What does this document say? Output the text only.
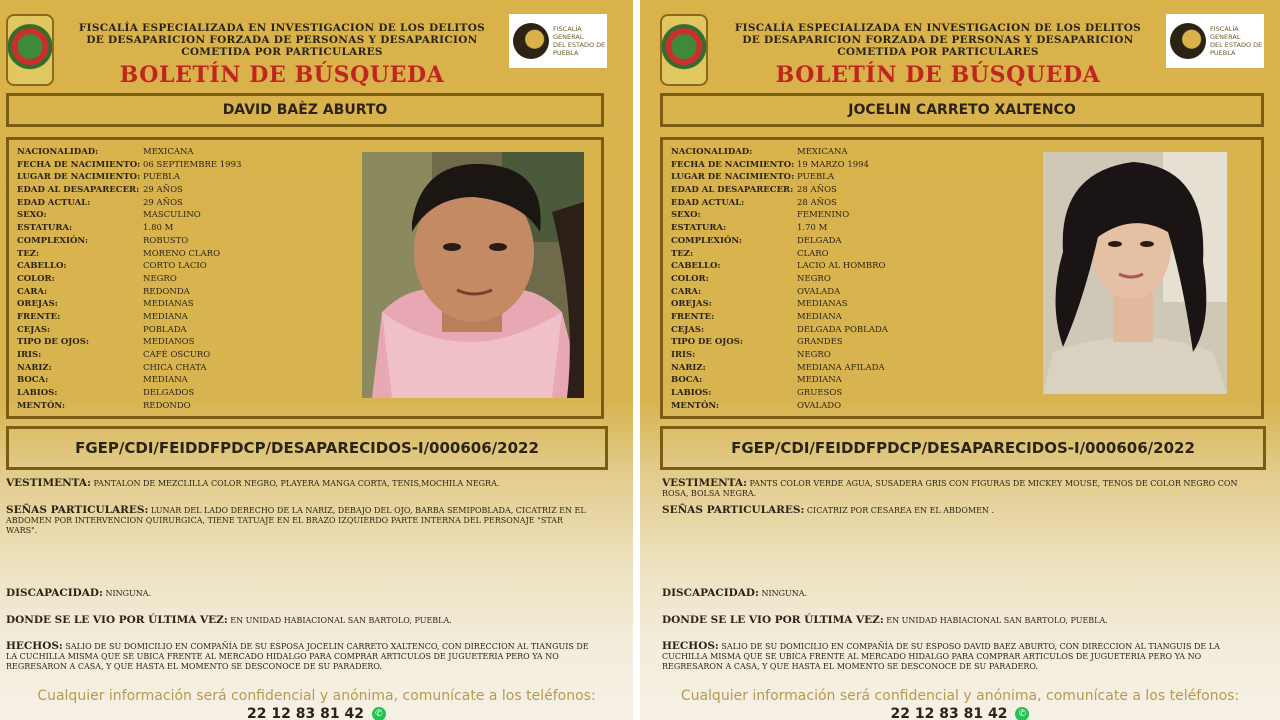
FISCALÍA ESPECIALIZADA EN INVESTIGACION DE LOS DELITOS
DE DESAPARICION FORZADA DE PERSONAS Y DESAPARICION
COMETIDA POR PARTICULARES
BOLETÍN DE BÚSQUEDA
FISCALÍA GENERAL
DEL ESTADO DE
PUEBLA
DAVID BAÈZ ABURTO
NACIONALIDAD:	MEXICANA
FECHA DE NACIMIENTO: 06 SEPTIEMBRE 1993
LUGAR DE NACIMIENTO: PUEBLA
EDAD AL DESAPARECER: 29 AÑOS
EDAD ACTUAL:	29 AÑOS
SEXO:	MASCULINO
ESTATURA:	1.80 M
COMPLEXIÓN:	ROBUSTO
TEZ:	MORENO CLARO
CABELLO:	CORTO LACIO
COLOR:	NEGRO
CARA:	REDONDA
OREJAS:	MEDIANAS
FRENTE:	MEDIANA
CEJAS:	POBLADA
TIPO DE OJOS:	MEDIANOS
IRIS:	CAFÉ OSCURO
NARIZ:	CHICA CHATA
BOCA:	MEDIANA
LABIOS:	DELGADOS
MENTÓN:	REDONDO
FGEP/CDI/FEIDDFPDCP/DESAPARECIDOS-I/000606/2022
VESTIMENTA: PANTALON DE MEZCLILLA COLOR NEGRO, PLAYERA MANGA CORTA, TENIS,MOCHILA NEGRA.
SEÑAS PARTICULARES: LUNAR DEL LADO DERECHO DE LA NARIZ, DEBAJO DEL OJO, BARBA SEMIPOBLADA, CICATRIZ EN EL ABDOMEN POR INTERVENCION QUIRURGICA, TIENE TATUAJE EN EL BRAZO IZQUIERDO PARTE INTERNA DEL PERSONAJE "STAR WARS".
DISCAPACIDAD: NINGUNA.
DONDE SE LE VIO POR ÚLTIMA VEZ: EN UNIDAD HABIACIONAL SAN BARTOLO, PUEBLA.
HECHOS: SALIO DE SU DOMICILIO EN COMPAÑÍA DE SU ESPOSA JOCELIN CARRETO XALTENCO, CON DIRECCION AL TIANGUIS DE LA CUCHILLA MISMA QUE SE UBICA FRENTE AL MERCADO HIDALGO PARA COMPRAR ARTICULOS DE JUGUETERIA PERO YA NO REGRESARON A CASA, Y QUE HASTA EL MOMENTO SE DESCONOCE DE SU PARADERO.
Cualquier información será confidencial y anónima, comunícate a los teléfonos:
22 12 83 81 42 ✆
FISCALÍA ESPECIALIZADA EN INVESTIGACION DE LOS DELITOS
DE DESAPARICION FORZADA DE PERSONAS Y DESAPARICION
COMETIDA POR PARTICULARES
BOLETÍN DE BÚSQUEDA
FISCALÍA GENERAL
DEL ESTADO DE
PUEBLA
JOCELIN CARRETO XALTENCO
NACIONALIDAD:	MEXICANA
FECHA DE NACIMIENTO: 19 MARZO 1994
LUGAR DE NACIMIENTO: PUEBLA
EDAD AL DESAPARECER: 28 AÑOS
EDAD ACTUAL:	28 AÑOS
SEXO:	FEMENINO
ESTATURA:	1.70 M
COMPLEXIÓN:	DELGADA
TEZ:	CLARO
CABELLO:	LACIO AL HOMBRO
COLOR:	NEGRO
CARA:	OVALADA
OREJAS:	MEDIANAS
FRENTE:	MEDIANA
CEJAS:	DELGADA POBLADA
TIPO DE OJOS:	GRANDES
IRIS:	NEGRO
NARIZ:	MEDIANA AFILADA
BOCA:	MEDIANA
LABIOS:	GRUESOS
MENTÓN:	OVALADO
FGEP/CDI/FEIDDFPDCP/DESAPARECIDOS-I/000606/2022
VESTIMENTA: PANTS COLOR VERDE AGUA, SUSADERA GRIS CON FIGURAS DE MICKEY MOUSE, TENOS DE COLOR NEGRO CON ROSA, BOLSA NEGRA.
SEÑAS PARTICULARES: CICATRIZ POR CESAREA EN EL ABDOMEN .
DISCAPACIDAD: NINGUNA.
DONDE SE LE VIO POR ÚLTIMA VEZ: EN UNIDAD HABIACIONAL SAN BARTOLO, PUEBLA.
HECHOS: SALIO DE SU DOMICILIO EN COMPAÑÍA DE SU ESPOSO DAVID BAEZ ABURTO, CON DIRECCION AL TIANGUIS DE LA CUCHILLA MISMA QUE SE UBICA FRENTE AL MERCADO HIDALGO PARA COMPRAR ARTICULOS DE JUGUETERIA PERO YA NO REGRESARON A CASA, Y QUE HASTA EL MOMENTO SE DESCONOCE DE SU PARADERO.
Cualquier información será confidencial y anónima, comunícate a los teléfonos:
22 12 83 81 42 ✆
